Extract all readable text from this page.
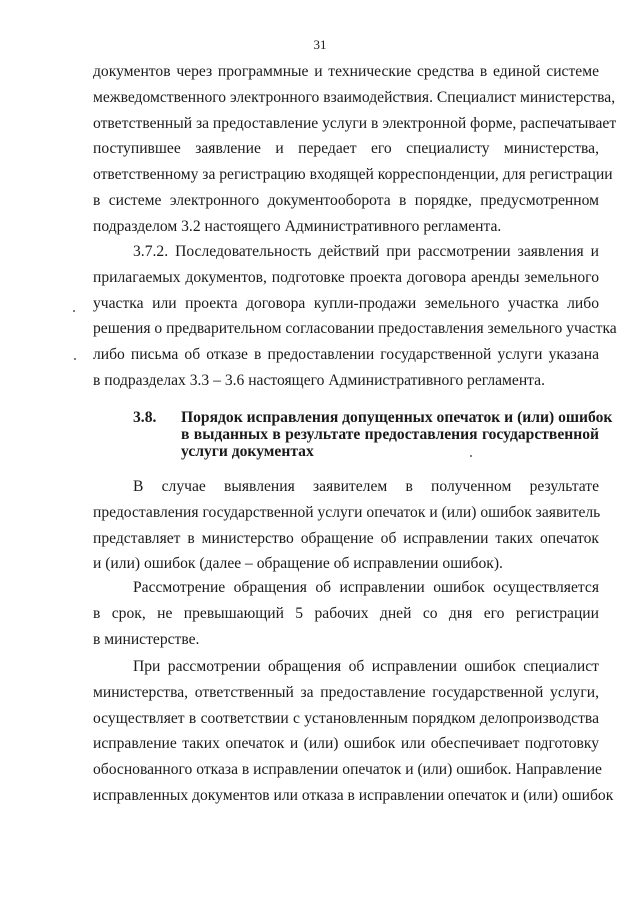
31
документов через программные и технические средства в единой системе
межведомственного электронного взаимодействия. Специалист министерства,
ответственный за предоставление услуги в электронной форме, распечатывает
поступившее заявление и передает его специалисту министерства,
ответственному за регистрацию входящей корреспонденции, для регистрации
в системе электронного документооборота в порядке, предусмотренном
подразделом 3.2 настоящего Административного регламента.
3.7.2. Последовательность действий при рассмотрении заявления и
прилагаемых документов, подготовке проекта договора аренды земельного
участка или проекта договора купли-продажи земельного участка либо
решения о предварительном согласовании предоставления земельного участка
либо письма об отказе в предоставлении государственной услуги указана
в подразделах 3.3 – 3.6 настоящего Административного регламента.
3.8. Порядок исправления допущенных опечаток и (или) ошибок
в выданных в результате предоставления государственной
услуги документах
В случае выявления заявителем в полученном результате
предоставления государственной услуги опечаток и (или) ошибок заявитель
представляет в министерство обращение об исправлении таких опечаток
и (или) ошибок (далее – обращение об исправлении ошибок).
Рассмотрение обращения об исправлении ошибок осуществляется
в срок, не превышающий 5 рабочих дней со дня его регистрации
в министерстве.
При рассмотрении обращения об исправлении ошибок специалист
министерства, ответственный за предоставление государственной услуги,
осуществляет в соответствии с установленным порядком делопроизводства
исправление таких опечаток и (или) ошибок или обеспечивает подготовку
обоснованного отказа в исправлении опечаток и (или) ошибок. Направление
исправленных документов или отказа в исправлении опечаток и (или) ошибок
